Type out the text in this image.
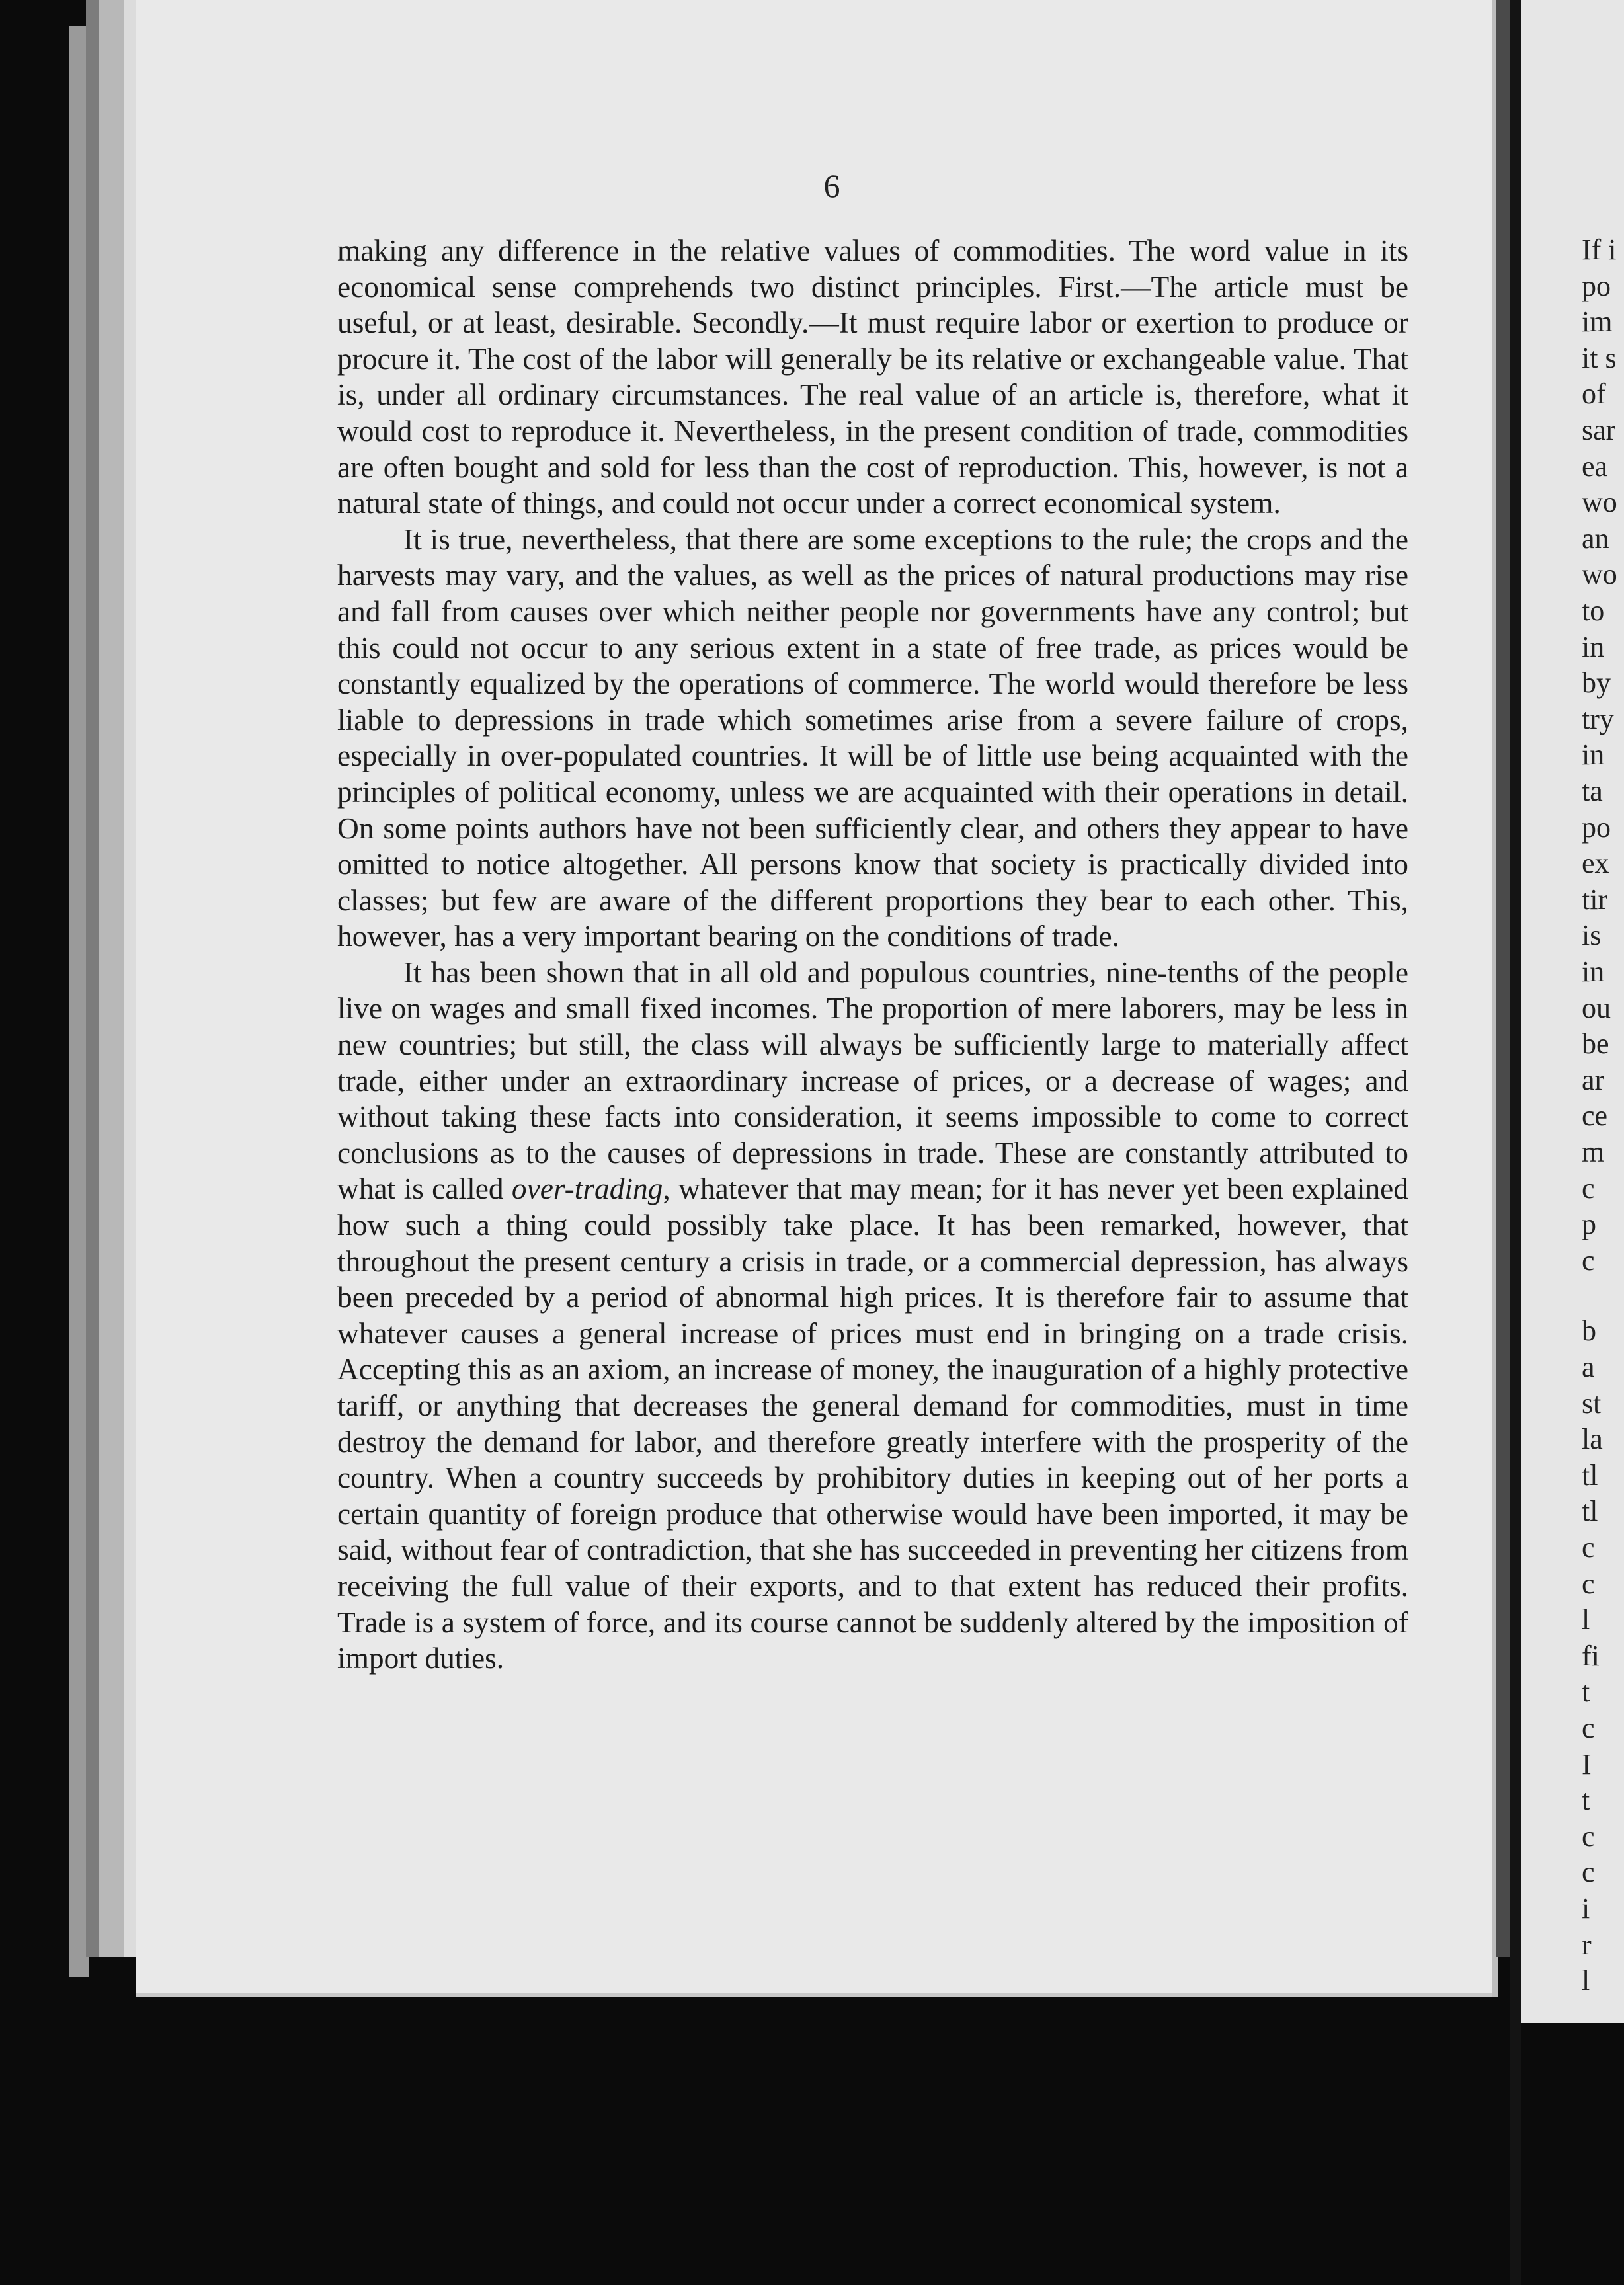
If i
po
im
it s
of
sar
ea
wo
an
wo
to
in
by
try
in
ta
po
ex
tir
is
in
ou
be
ar
ce
m
c
p
c
b
a
st
la
tl
tl
c
c
l
fi
t
c
I
t
c
c
i
r
l
6

making any difference in the relative values of commodities. The word value in its economical sense comprehends two distinct principles. First.—The article must be useful, or at least, desirable. Secondly.—It must require labor or exertion to produce or procure it. The cost of the labor will generally be its relative or exchangeable value. That is, under all ordinary circumstances. The real value of an article is, therefore, what it would cost to reproduce it. Nevertheless, in the present condition of trade, commodities are often bought and sold for less than the cost of reproduction. This, however, is not a natural state of things, and could not occur under a correct economical system.

It is true, nevertheless, that there are some exceptions to the rule; the crops and the harvests may vary, and the values, as well as the prices of natural productions may rise and fall from causes over which neither people nor governments have any control; but this could not occur to any serious extent in a state of free trade, as prices would be constantly equalized by the operations of commerce. The world would therefore be less liable to depressions in trade which sometimes arise from a severe failure of crops, especially in over-populated countries. It will be of little use being acquainted with the principles of political economy, unless we are acquainted with their operations in detail. On some points authors have not been sufficiently clear, and others they appear to have omitted to notice altogether. All persons know that society is practically divided into classes; but few are aware of the different proportions they bear to each other. This, however, has a very important bearing on the conditions of trade.

It has been shown that in all old and populous countries, nine-tenths of the people live on wages and small fixed incomes. The proportion of mere laborers, may be less in new countries; but still, the class will always be sufficiently large to materially affect trade, either under an extraordinary increase of prices, or a decrease of wages; and without taking these facts into consideration, it seems impossible to come to correct conclusions as to the causes of depressions in trade. These are constantly attributed to what is called over-trading, whatever that may mean; for it has never yet been explained how such a thing could possibly take place. It has been remarked, however, that throughout the present century a crisis in trade, or a commercial depression, has always been preceded by a period of abnormal high prices. It is therefore fair to assume that whatever causes a general increase of prices must end in bringing on a trade crisis. Accepting this as an axiom, an increase of money, the inauguration of a highly protective tariff, or anything that decreases the general demand for commodities, must in time destroy the demand for labor, and therefore greatly interfere with the prosperity of the country. When a country succeeds by prohibitory duties in keeping out of her ports a certain quantity of foreign produce that otherwise would have been imported, it may be said, without fear of contradiction, that she has succeeded in preventing her citizens from receiving the full value of their exports, and to that extent has reduced their profits. Trade is a system of force, and its course cannot be suddenly altered by the imposition of import duties.
